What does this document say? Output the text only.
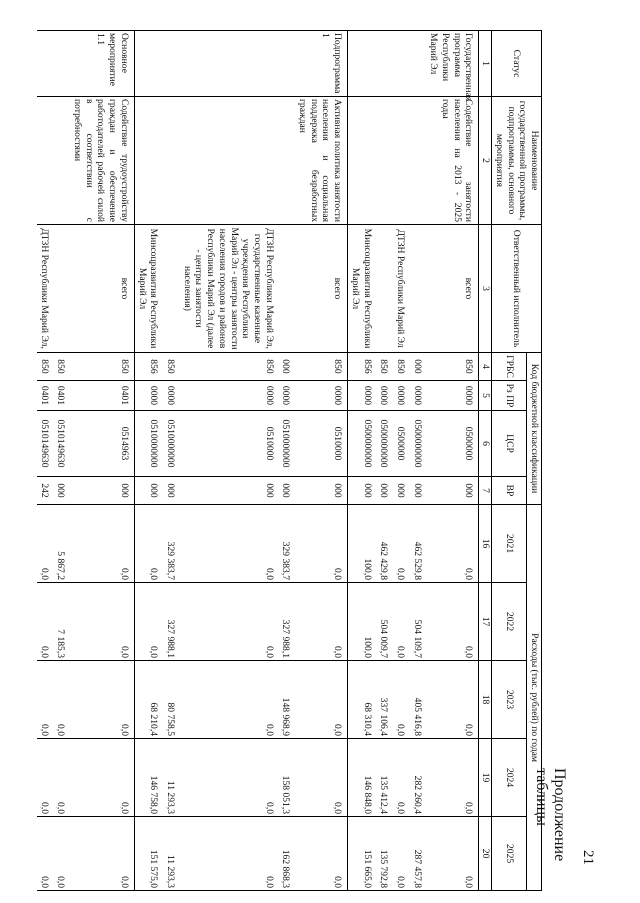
21
Продолжение таблицы
Статус	Наименование государственной программы, подпрограммы, основного мероприятия	Ответственный исполнитель	Код бюджетной классификации				Расходы (тыс. рублей) по годам				
			ГРБС	Рз ПР	ЦСР	ВР	2021	2022	2023	2024	2025

1	2	3	4	5	6	7	16	17	18	19	20
Государственная программа Республики Марий Эл	Содействие занятости населения на 2013 - 2025 годы	всего	850	0000	0500000	000	0,0	0,0	0,0	0,0	0,0
			000	0000	0500000000	000	462 529,8	504 109,7	405 416,8	282 260,4	287 457,8
		ДТЗН Республики Марий Эл	850	0000	0500000	000	0,0	0,0	0,0	0,0	0,0
			850	0000	0500000000	000	462 429,8	504 009,7	337 106,4	135 412,4	135 792,8
		Минсоцразвития Республики Марий Эл	856	0000	0500000000	000	100,0	100,0	68 310,4	146 848,0	151 665,0
Подпрограмма 1	Активная политика занятости населения и социальная поддержка безработных граждан	всего	850	0000	0510000	000	0,0	0,0	0,0	0,0	0,0
			000	0000	0510000000	000	329 383,7	327 988,1	148 968,9	158 051,3	162 868,3
		ДТЗН Республики Марий Эл, государственные казенные учреждения Республики Марий Эл - центры занятости населения городов и районов Республики Марий Эл (далее - центры занятости населения)	850	0000	0510000	000	0,0	0,0	0,0	0,0	0,0
			850	0000	0510000000	000	329 383,7	327 988,1	80 758,5	11 293,3	11 293,3
		Минсоцразвития Республики Марий Эл	856	0000	0510000000	000	0,0	0,0	68 210,4	146 758,0	151 575,0
Основное мероприятие 1.1	Содействие трудоустройству граждан и обеспечение работодателей рабочей силой в соответствии с потребностями	всего	850	0401	0514963	000	0,0	0,0	0,0	0,0	0,0
			850	0401	0510149630	000	5 867,2	7 185,3	0,0	0,0	0,0
		ДТЗН Республики Марий Эл,	850	0401	0510149630	242	0,0	0,0	0,0	0,0	0,0
